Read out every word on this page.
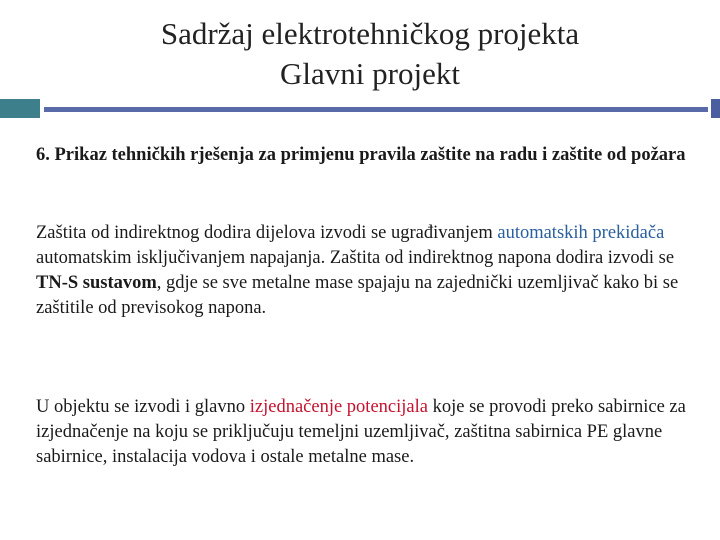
Sadržaj elektrotehničkog projekta
Glavni projekt
6. Prikaz tehničkih rješenja za primjenu pravila zaštite na radu i zaštite od požara
Zaštita od indirektnog dodira dijelova izvodi se ugrađivanjem automatskih prekidača automatskim isključivanjem napajanja. Zaštita od indirektnog napona dodira izvodi se TN-S sustavom, gdje se sve metalne mase spajaju na zajednički uzemljivač kako bi se zaštitile od previsokog napona.
U objektu se izvodi i glavno izjednačenje potencijala koje se provodi preko sabirnice za izjednačenje na koju se priključuju temeljni uzemljivač, zaštitna sabirnica PE glavne sabirnice, instalacija vodova i ostale metalne mase.
